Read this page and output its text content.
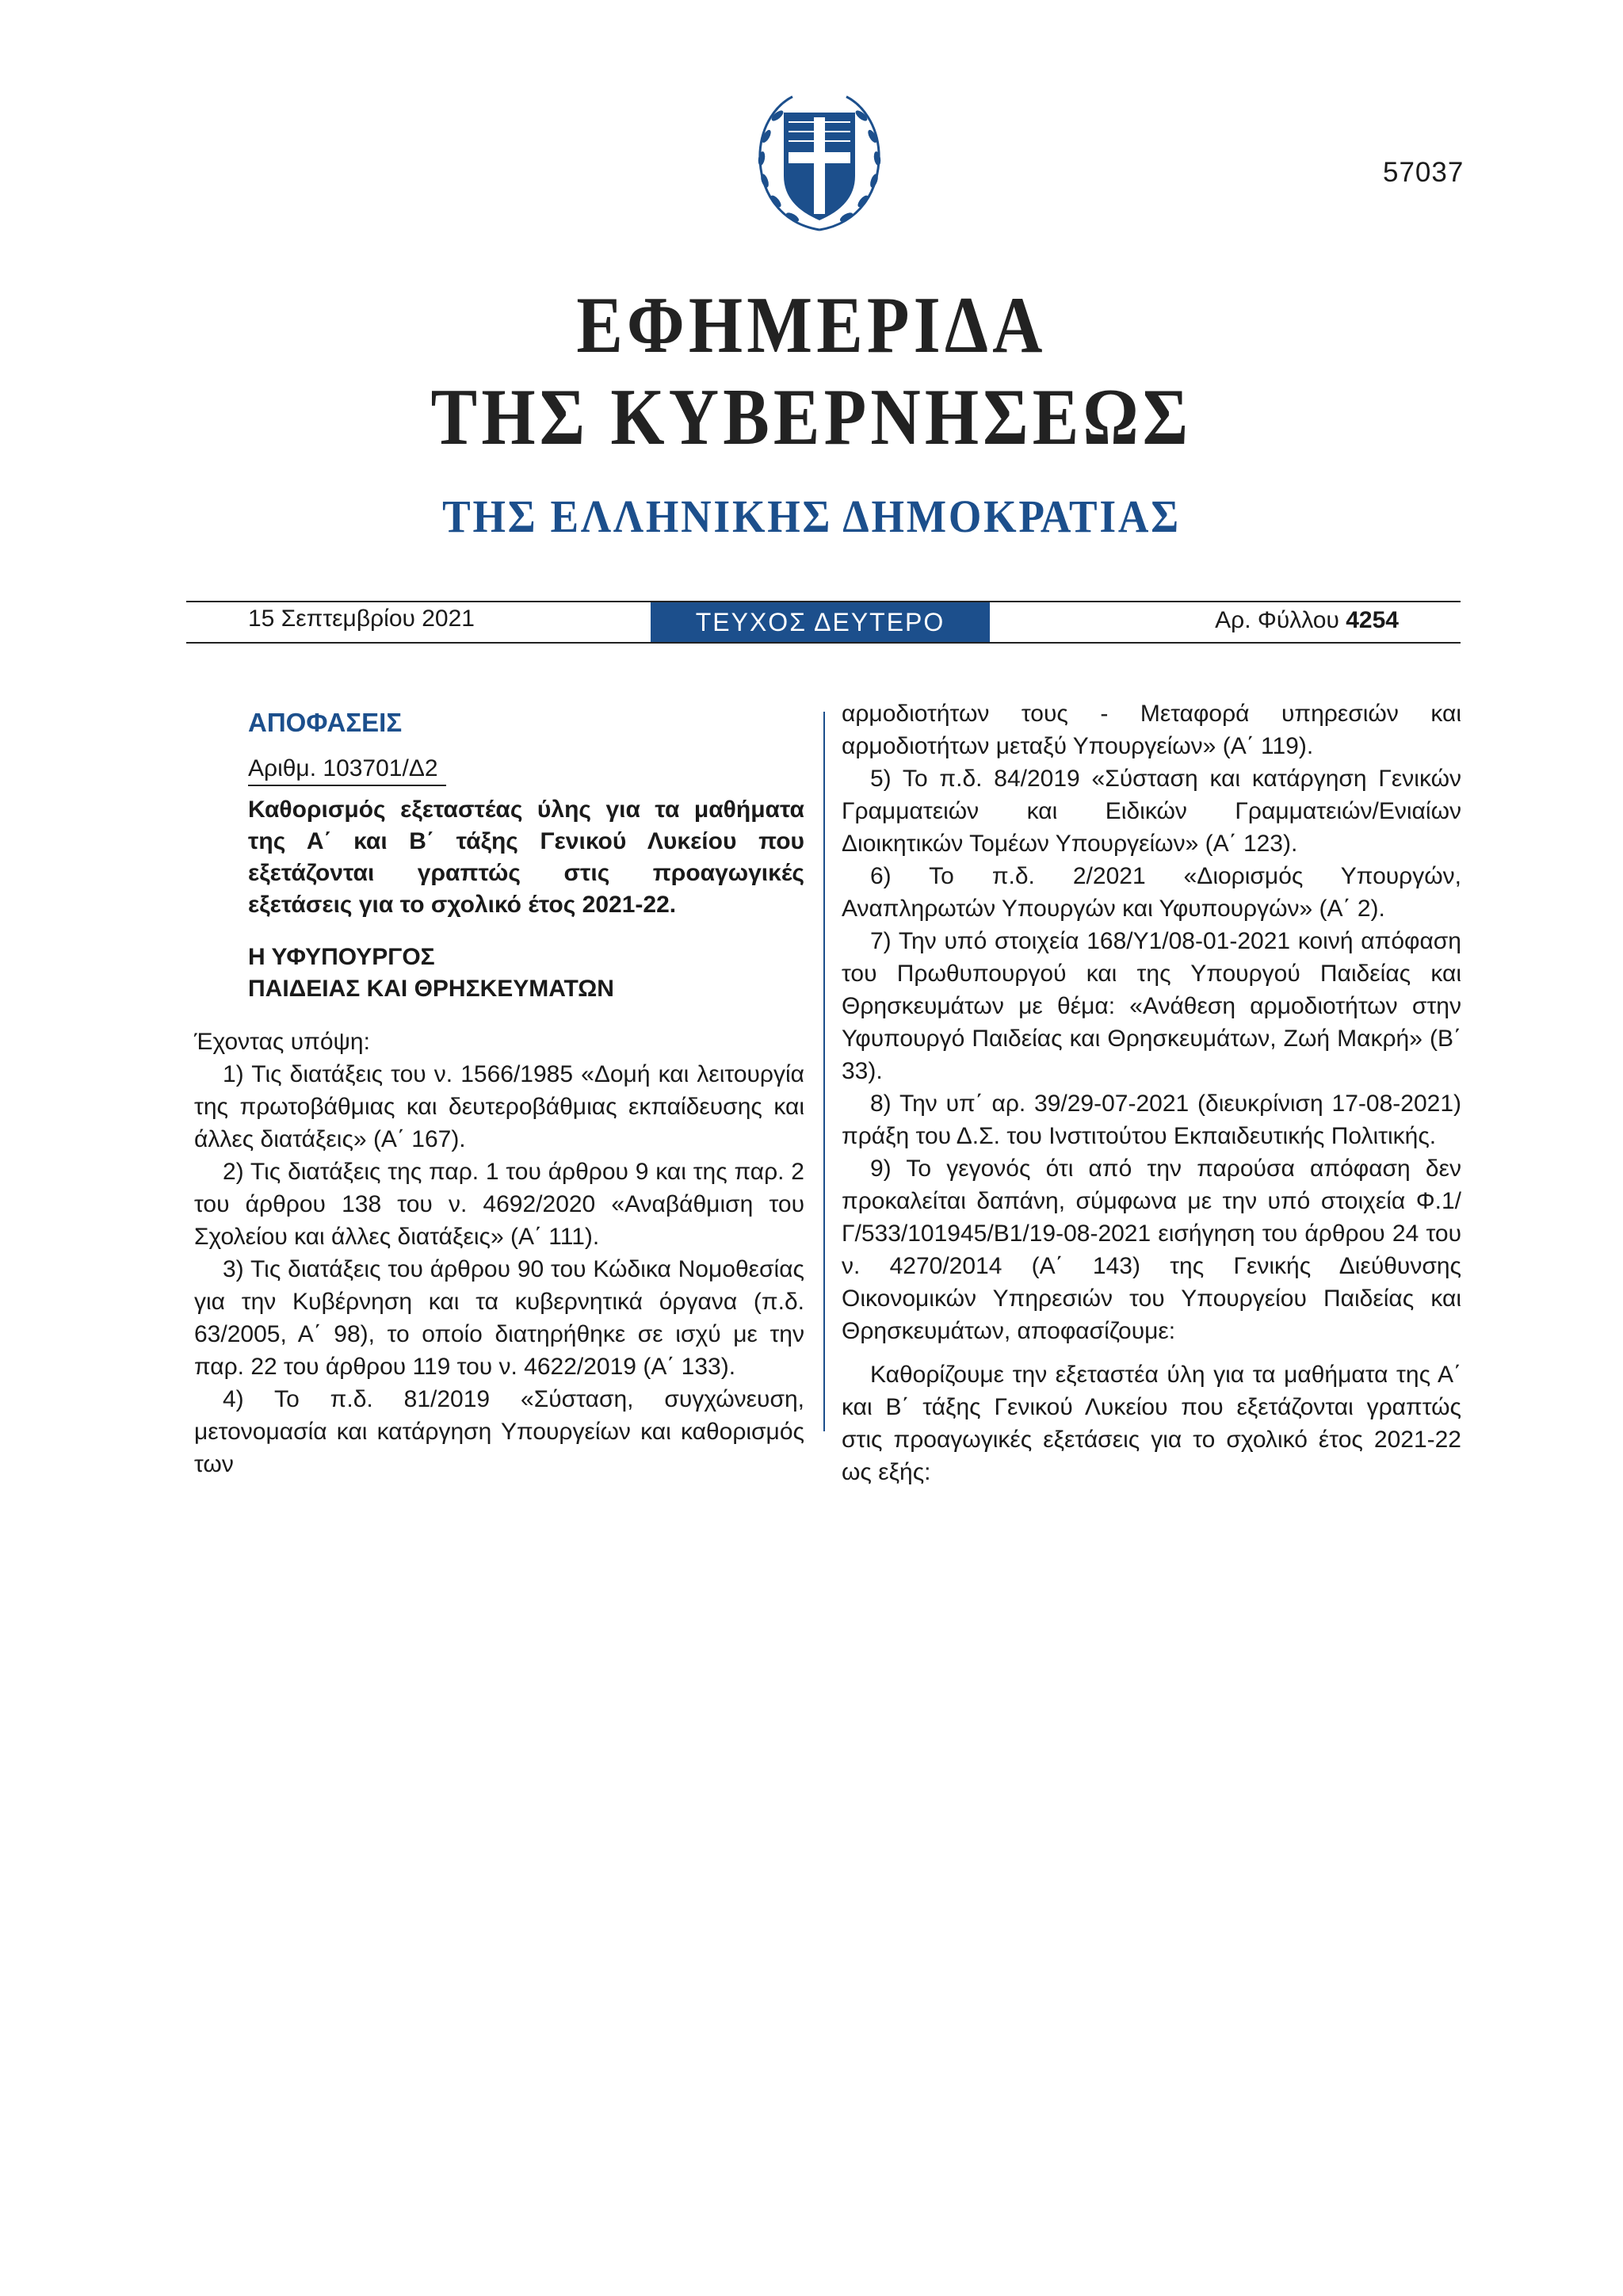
57037
ΕΦΗΜΕΡΙΔΑ
ΤΗΣ ΚΥΒΕΡΝΗΣΕΩΣ
ΤΗΣ ΕΛΛΗΝΙΚΗΣ ΔΗΜΟΚΡΑΤΙΑΣ
15 Σεπτεμβρίου 2021	ΤΕΥΧΟΣ ΔΕΥΤΕΡΟ	Αρ. Φύλλου 4254
ΑΠΟΦΑΣΕΙΣ
Αριθμ. 103701/Δ2
Καθορισμός εξεταστέας ύλης για τα μαθήματα της Α΄ και Β΄ τάξης Γενικού Λυκείου που εξετάζονται γραπτώς στις προαγωγικές εξετάσεις για το σχολικό έτος 2021-22.
Η ΥΦΥΠΟΥΡΓΟΣ
ΠΑΙΔΕΙΑΣ ΚΑΙ ΘΡΗΣΚΕΥΜΑΤΩΝ

Έχοντας υπόψη:

1) Τις διατάξεις του ν. 1566/1985 «Δομή και λειτουργία της πρωτοβάθμιας και δευτεροβάθμιας εκπαίδευσης και άλλες διατάξεις» (Α΄ 167).

2) Τις διατάξεις της παρ. 1 του άρθρου 9 και της παρ. 2 του άρθρου 138 του ν. 4692/2020 «Αναβάθμιση του Σχολείου και άλλες διατάξεις» (Α΄ 111).

3) Τις διατάξεις του άρθρου 90 του Κώδικα Νομοθεσίας για την Κυβέρνηση και τα κυβερνητικά όργανα (π.δ. 63/2005, Α΄ 98), το οποίο διατηρήθηκε σε ισχύ με την παρ. 22 του άρθρου 119 του ν. 4622/2019 (Α΄ 133).

4) Το π.δ. 81/2019 «Σύσταση, συγχώνευση, μετονομασία και κατάργηση Υπουργείων και καθορισμός των

αρμοδιοτήτων τους - Μεταφορά υπηρεσιών και αρμοδιοτήτων μεταξύ Υπουργείων» (Α΄ 119).

5) Το π.δ. 84/2019 «Σύσταση και κατάργηση Γενικών Γραμματειών και Ειδικών Γραμματειών/Ενιαίων Διοικητικών Τομέων Υπουργείων» (Α΄ 123).

6) Το π.δ. 2/2021 «Διορισμός Υπουργών, Αναπληρωτών Υπουργών και Υφυπουργών» (Α΄ 2).

7) Την υπό στοιχεία 168/Υ1/08-01-2021 κοινή απόφαση του Πρωθυπουργού και της Υπουργού Παιδείας και Θρησκευμάτων με θέμα: «Ανάθεση αρμοδιοτήτων στην Υφυπουργό Παιδείας και Θρησκευμάτων, Ζωή Μακρή» (Β΄ 33).

8) Την υπ΄ αρ. 39/29-07-2021 (διευκρίνιση 17-08-2021) πράξη του Δ.Σ. του Ινστιτούτου Εκπαιδευτικής Πολιτικής.

9) Το γεγονός ότι από την παρούσα απόφαση δεν προκαλείται δαπάνη, σύμφωνα με την υπό στοιχεία Φ.1/Γ/533/101945/Β1/19-08-2021 εισήγηση του άρθρου 24 του ν. 4270/2014 (Α΄ 143) της Γενικής Διεύθυνσης Οικονομικών Υπηρεσιών του Υπουργείου Παιδείας και Θρησκευμάτων, αποφασίζουμε:

Καθορίζουμε την εξεταστέα ύλη για τα μαθήματα της Α΄ και Β΄ τάξης Γενικού Λυκείου που εξετάζονται γραπτώς στις προαγωγικές εξετάσεις για το σχολικό έτος 2021-22 ως εξής:
